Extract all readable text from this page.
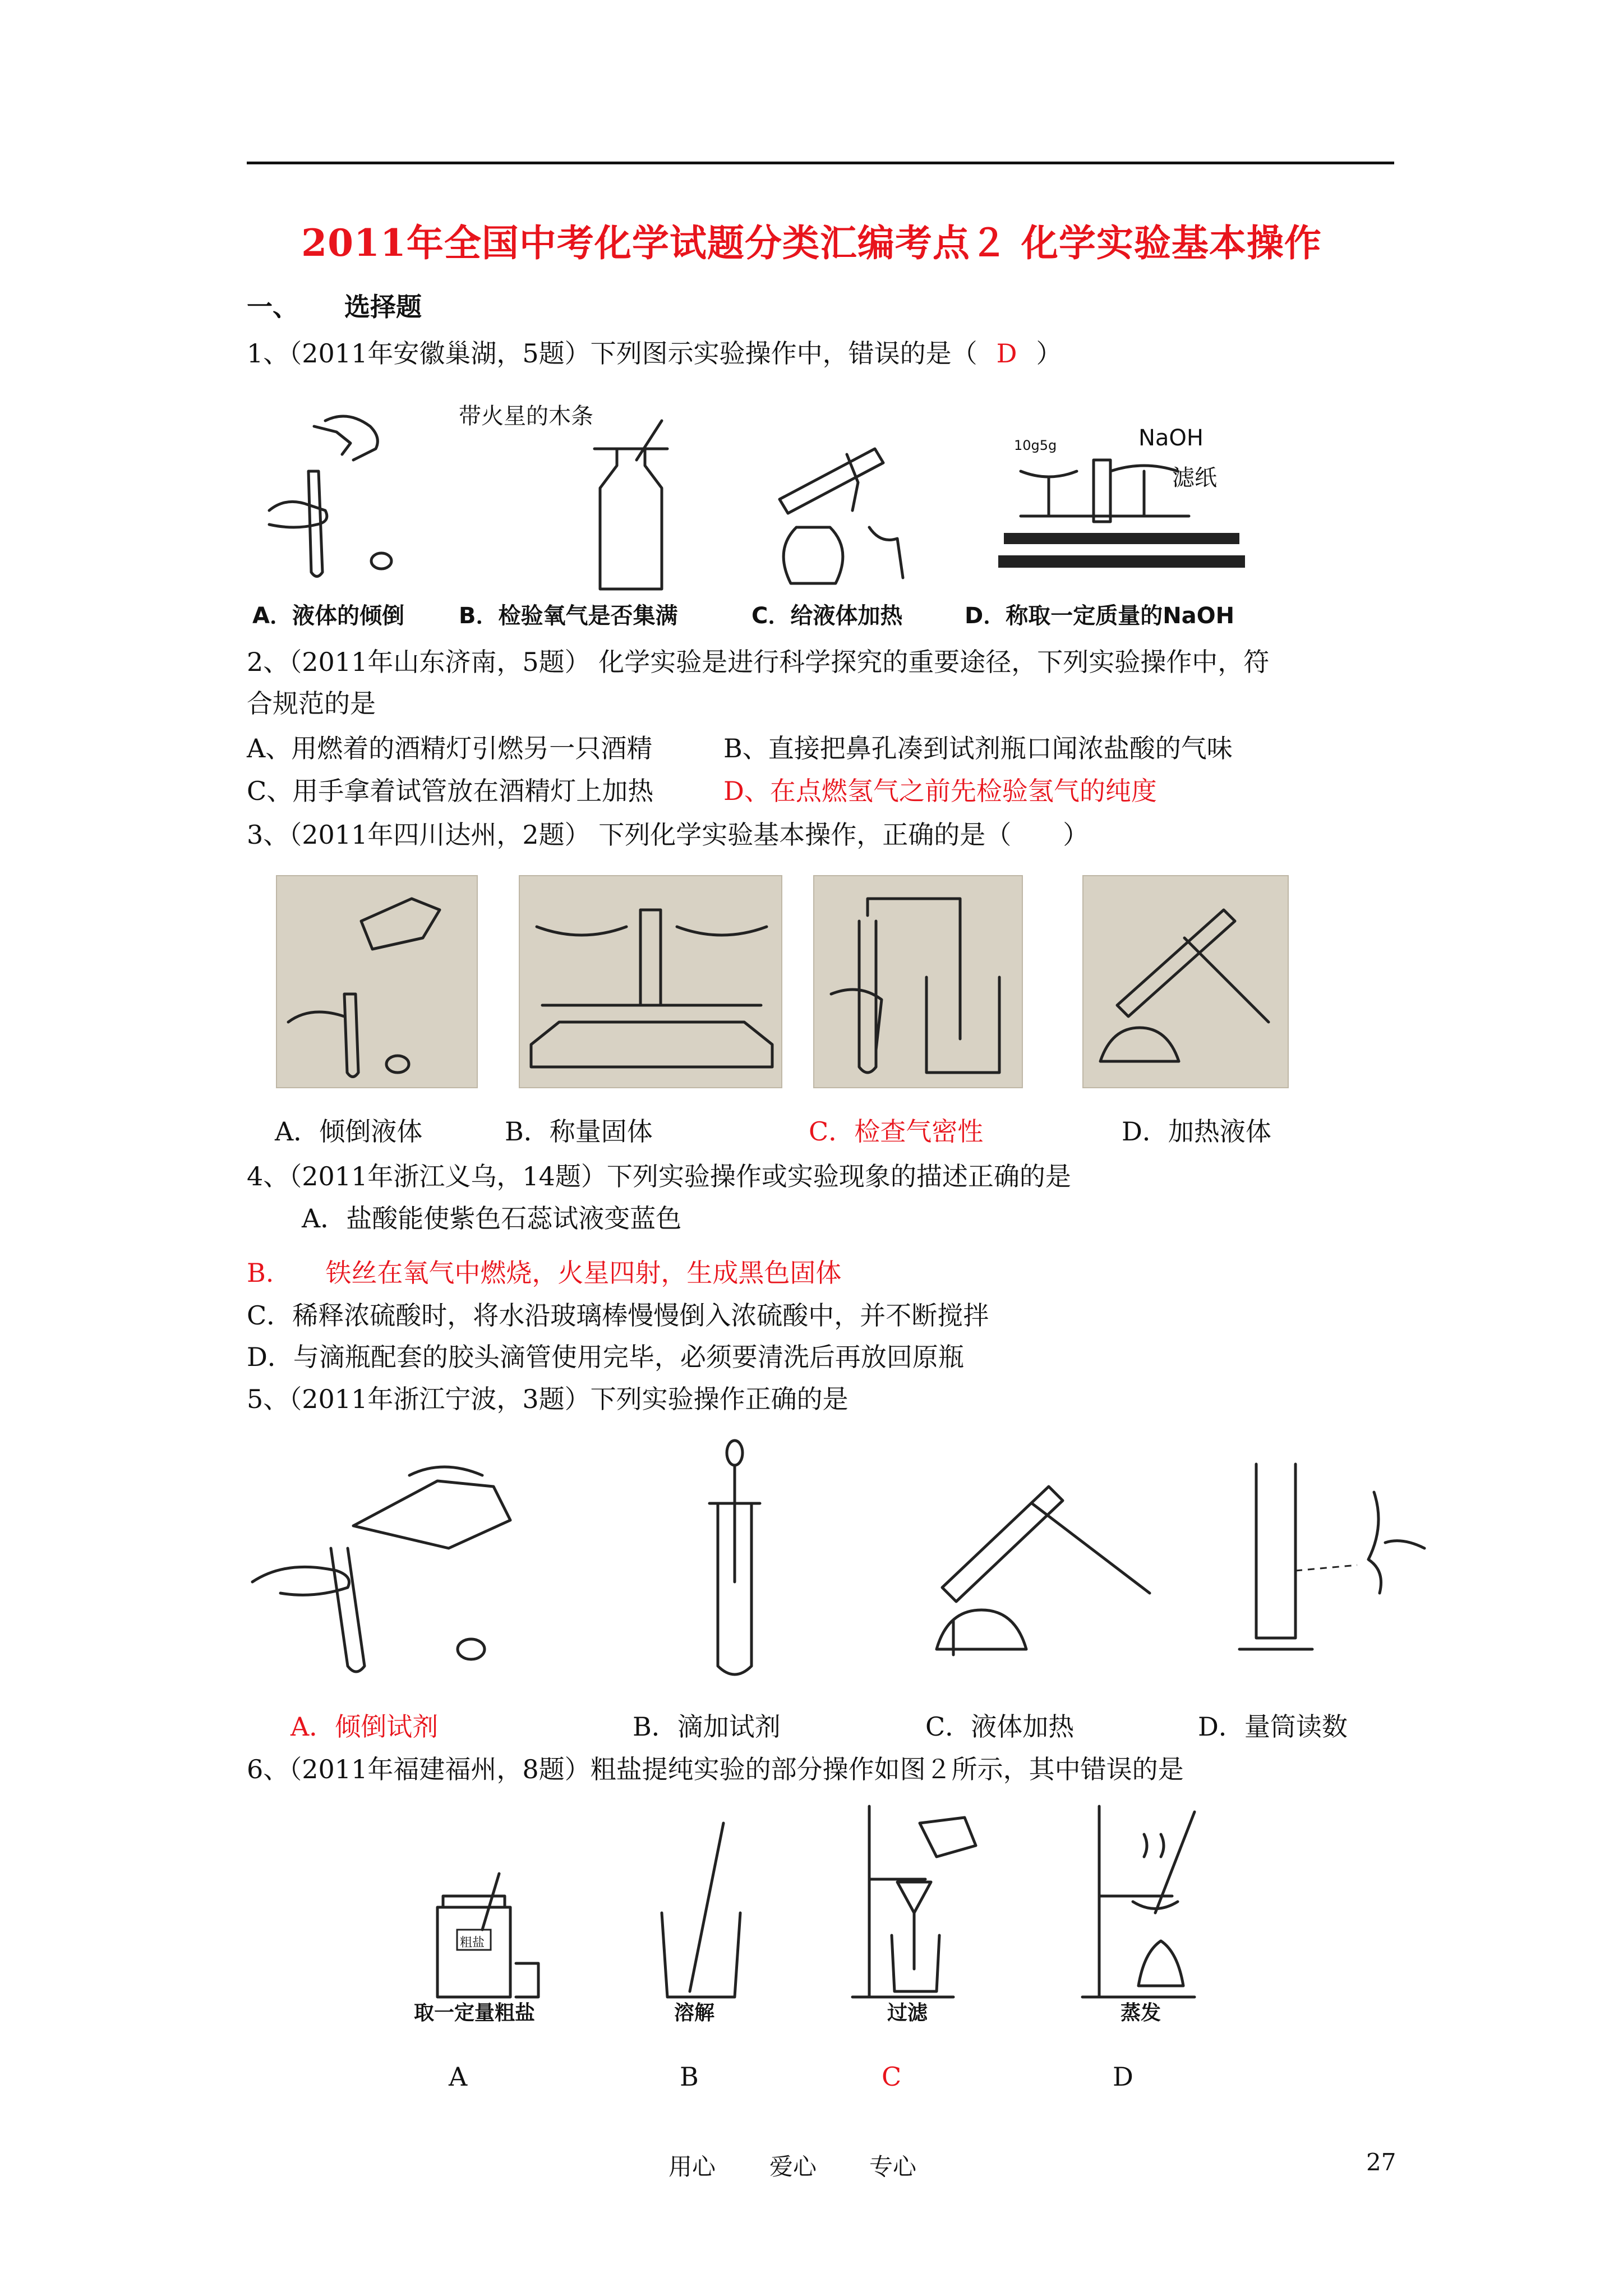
2011年全国中考化学试题分类汇编考点２ 化学实验基本操作
一、 选择题
1、（2011年安徽巢湖，5题）下列图示实验操作中，错误的是（ D ）
带火星的木条
10g5g	NaOH
滤纸
A．液体的倾倒 B．检验氧气是否集满	C．给液体加热	D．称取一定质量的NaOH
2、（2011年山东济南，5题） 化学实验是进行科学探究的重要途径，下列实验操作中，符
合规范的是
A、用燃着的酒精灯引燃另一只酒精	B、直接把鼻孔凑到试剂瓶口闻浓盐酸的气味
C、用手拿着试管放在酒精灯上加热	D、在点燃氢气之前先检验氢气的纯度
3、（2011年四川达州，2题） 下列化学实验基本操作，正确的是（　　）
A．倾倒液体	B．称量固体	C．检查气密性	D．加热液体
4、（2011年浙江义乌，14题）下列实验操作或实验现象的描述正确的是
A．盐酸能使紫色石蕊试液变蓝色
B.　　铁丝在氧气中燃烧，火星四射，生成黑色固体
C．稀释浓硫酸时，将水沿玻璃棒慢慢倒入浓硫酸中，并不断搅拌
D．与滴瓶配套的胶头滴管使用完毕，必须要清洗后再放回原瓶
5、（2011年浙江宁波，3题）下列实验操作正确的是
A．倾倒试剂	B．滴加试剂	C．液体加热	D．量筒读数
6、（2011年福建福州，8题）粗盐提纯实验的部分操作如图２所示，其中错误的是
粗盐
取一定量粗盐	溶解	过滤	蒸发
A	B	C	D
用心 爱心 专心	27
